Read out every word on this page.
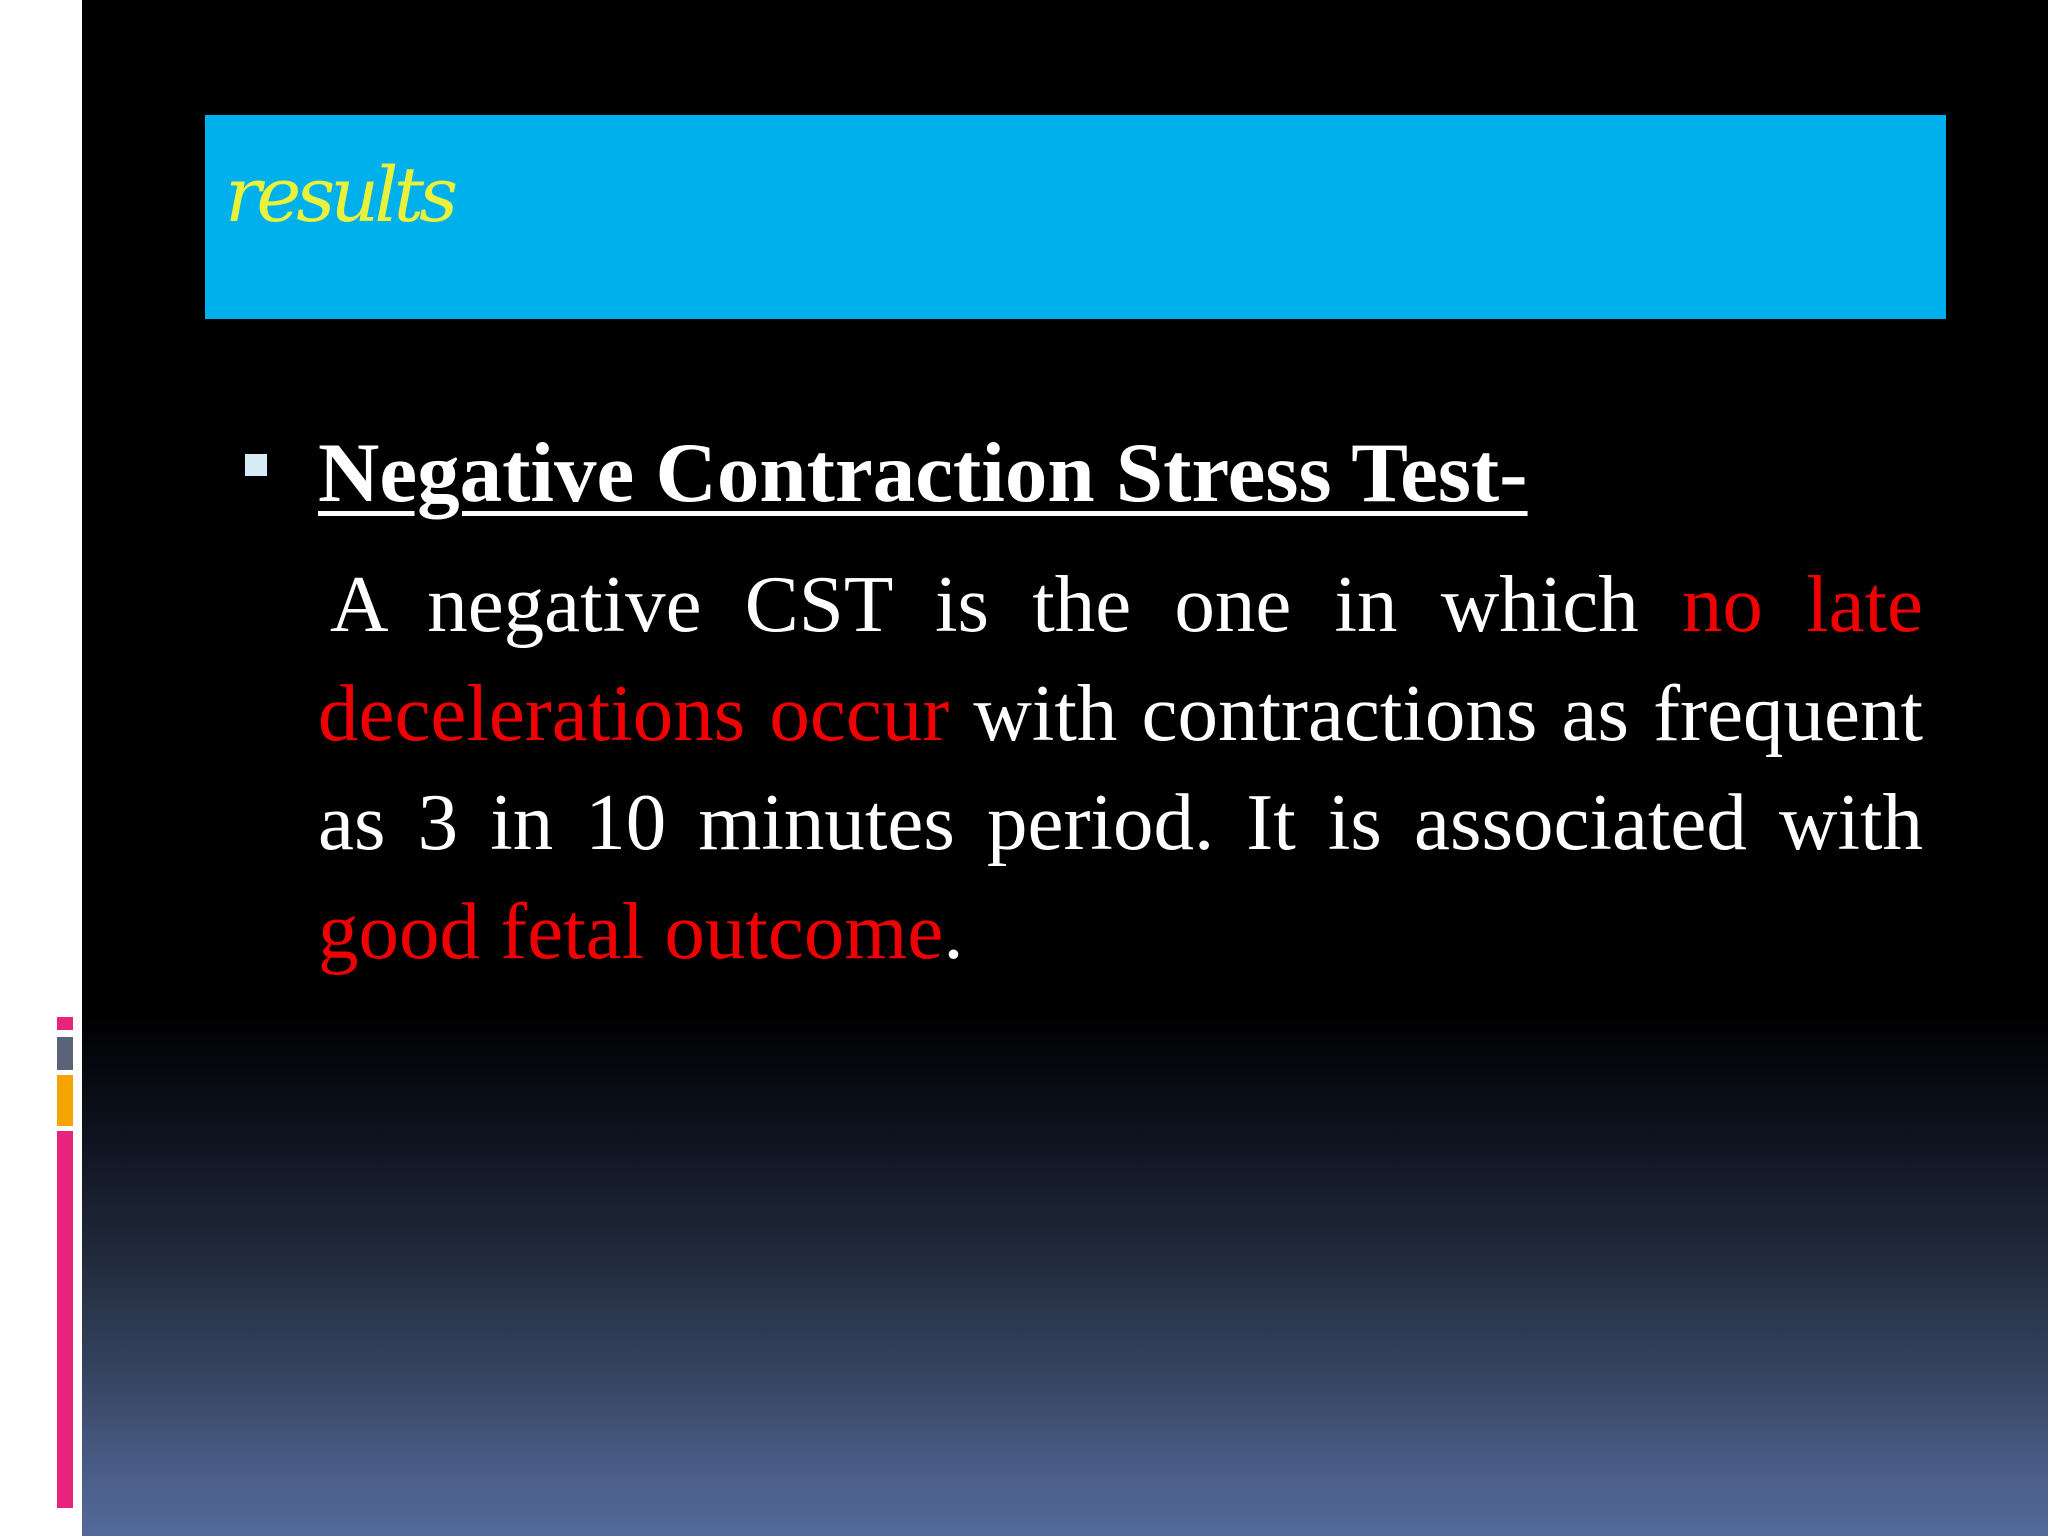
results
Negative Contraction Stress Test-
A negative CST is the one in which no late decelerations occur with contractions as frequent as 3 in 10 minutes period. It is associated with good fetal outcome.
